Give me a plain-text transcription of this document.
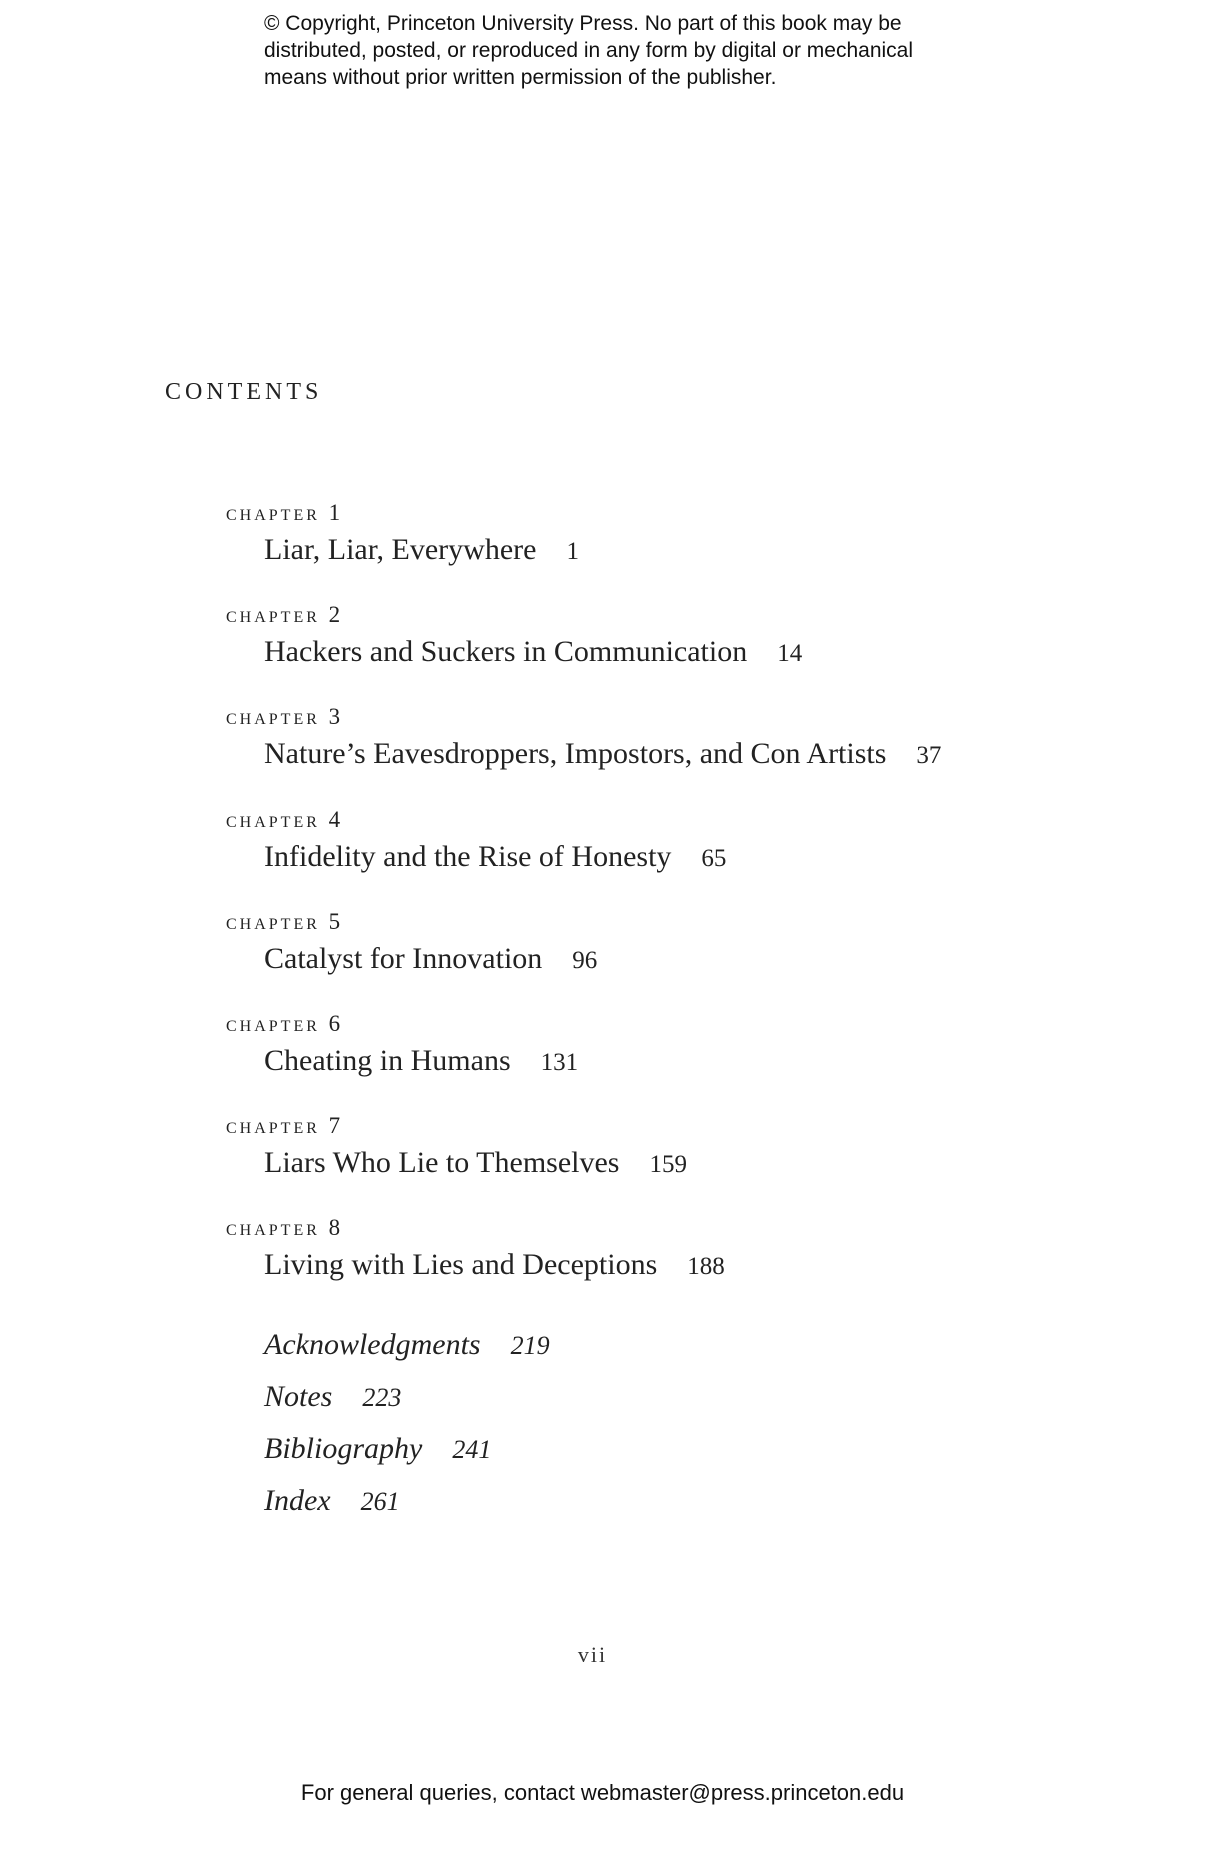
© Copyright, Princeton University Press. No part of this book may be
distributed, posted, or reproduced in any form by digital or mechanical
means without prior written permission of the publisher.
contents
chapter 1
Liar, Liar, Everywhere 1
chapter 2
Hackers and Suckers in Communication 14
chapter 3
Nature’s Eavesdroppers, Impostors, and Con Artists 37
chapter 4
Infidelity and the Rise of Honesty 65
chapter 5
Catalyst for Innovation 96
chapter 6
Cheating in Humans 131
chapter 7
Liars Who Lie to Themselves 159
chapter 8
Living with Lies and Deceptions 188
Acknowledgments 219
Notes 223
Bibliography 241
Index 261
vii
For general queries, contact webmaster@press.princeton.edu
